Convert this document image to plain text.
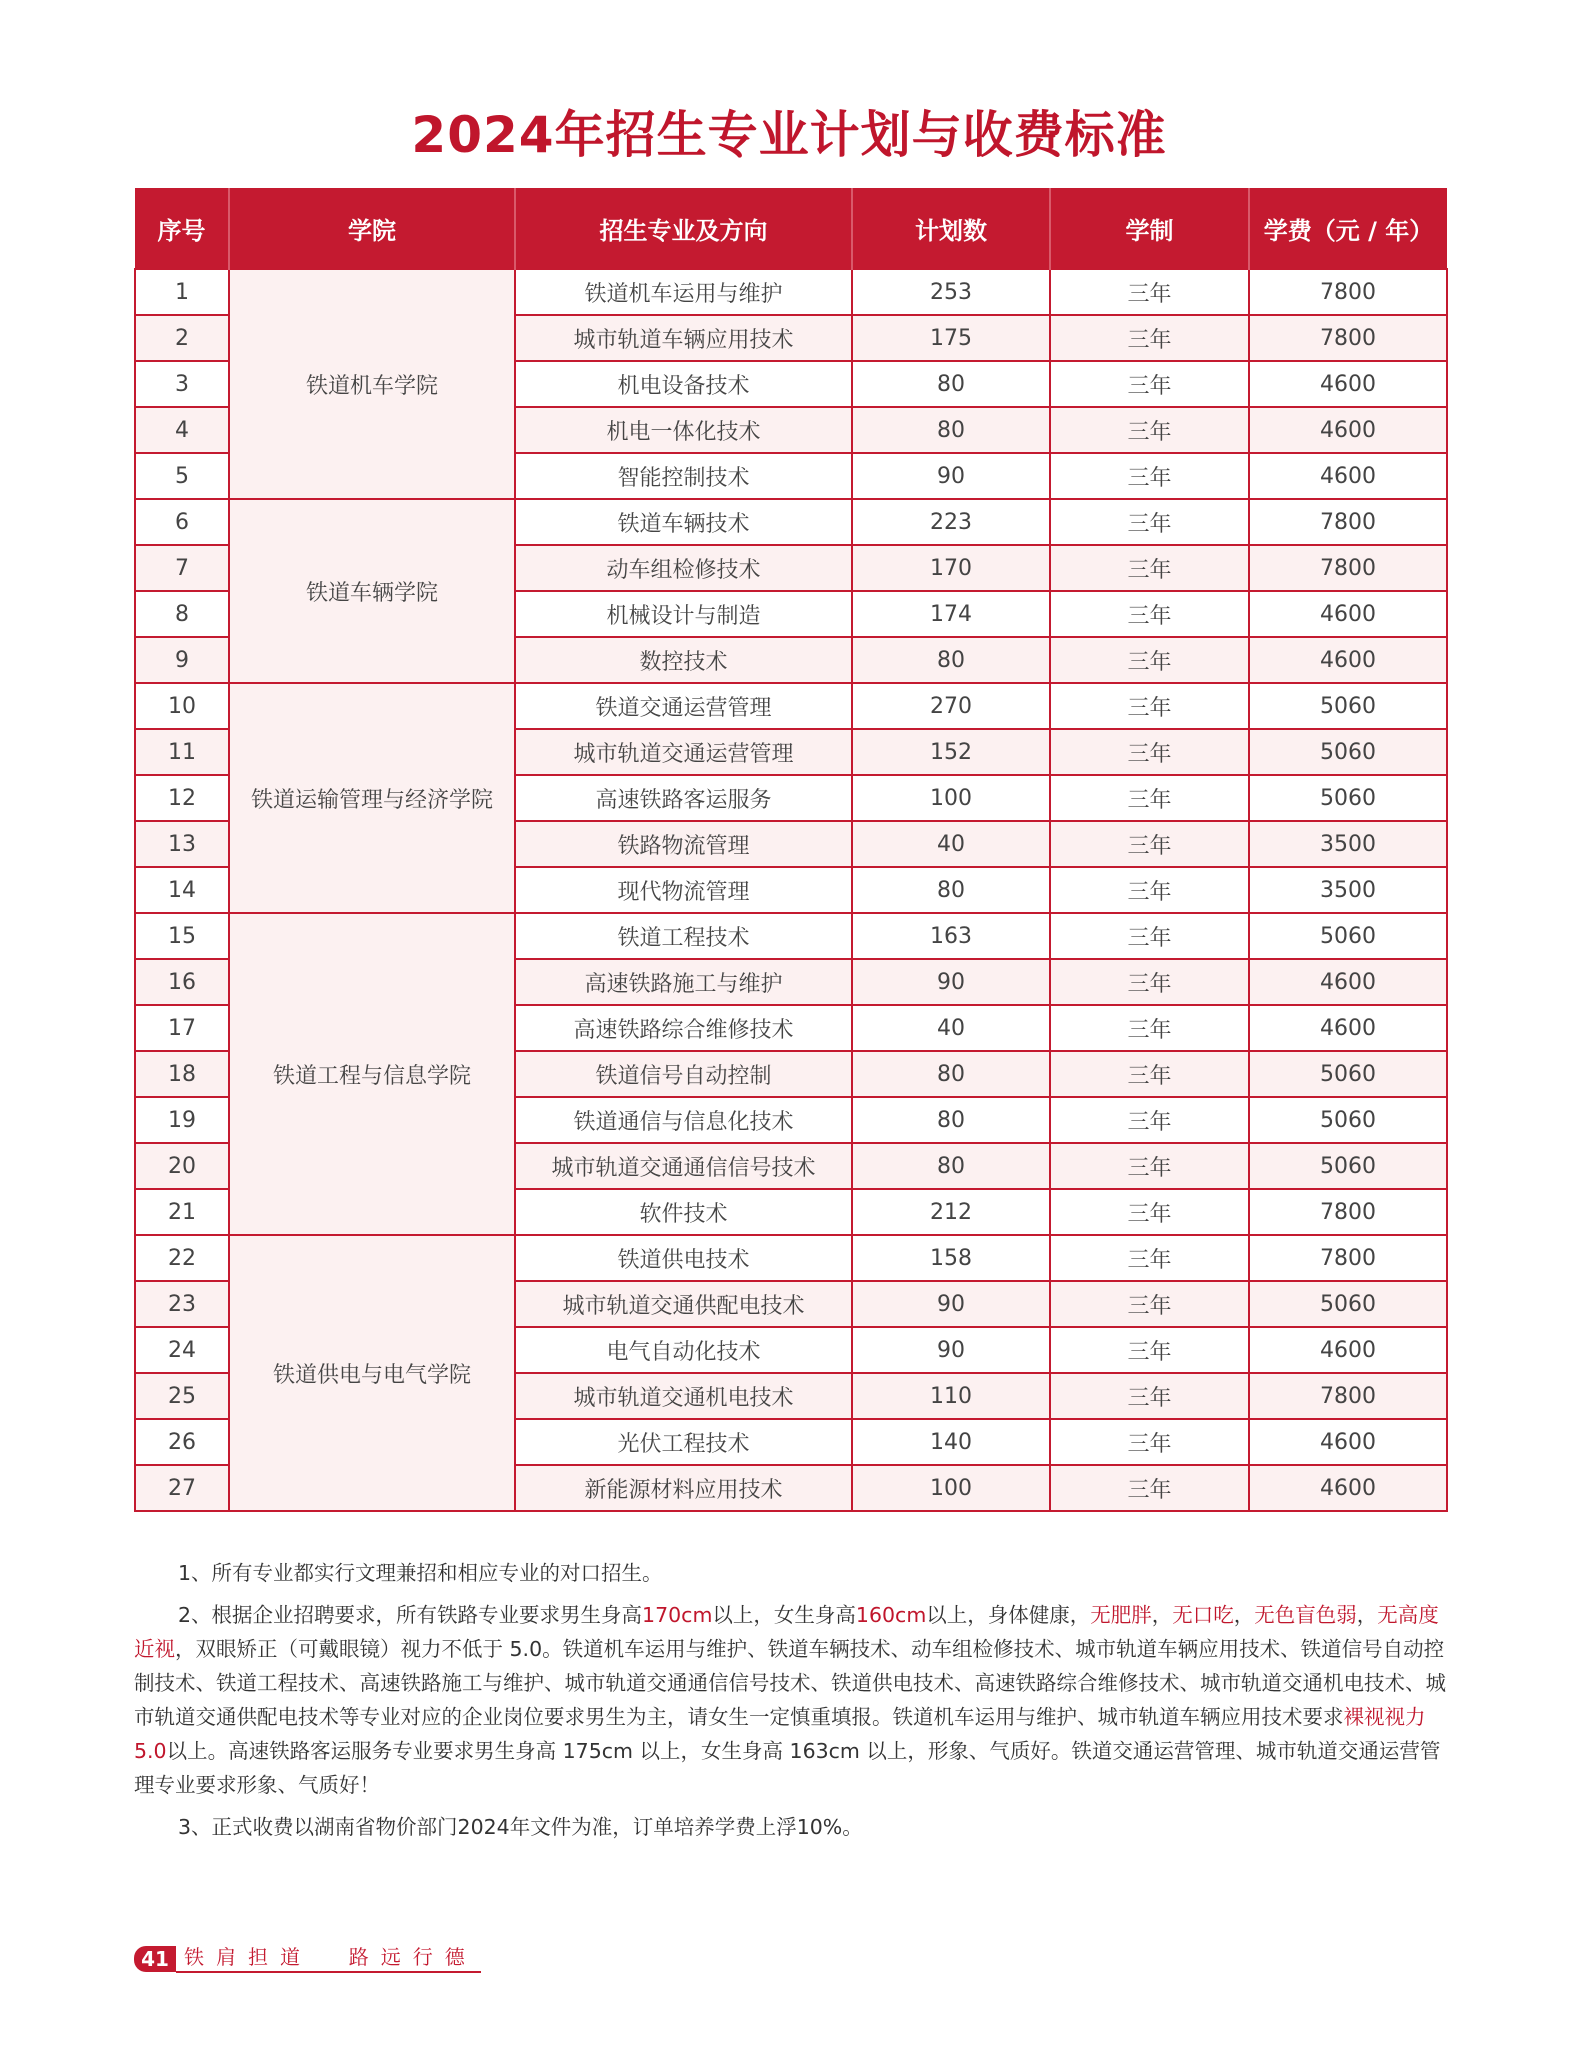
2024年招生专业计划与收费标准
序号	学院	招生专业及方向	计划数	学制	学费（元 / 年）
1	铁道机车学院	铁道机车运用与维护	253	三年	7800
2		城市轨道车辆应用技术	175	三年	7800
3		机电设备技术	80	三年	4600
4		机电一体化技术	80	三年	4600
5		智能控制技术	90	三年	4600
6	铁道车辆学院	铁道车辆技术	223	三年	7800
7		动车组检修技术	170	三年	7800
8		机械设计与制造	174	三年	4600
9		数控技术	80	三年	4600
10	铁道运输管理与经济学院	铁道交通运营管理	270	三年	5060
11		城市轨道交通运营管理	152	三年	5060
12		高速铁路客运服务	100	三年	5060
13		铁路物流管理	40	三年	3500
14		现代物流管理	80	三年	3500
15	铁道工程与信息学院	铁道工程技术	163	三年	5060
16		高速铁路施工与维护	90	三年	4600
17		高速铁路综合维修技术	40	三年	4600
18		铁道信号自动控制	80	三年	5060
19		铁道通信与信息化技术	80	三年	5060
20		城市轨道交通通信信号技术	80	三年	5060
21		软件技术	212	三年	7800
22	铁道供电与电气学院	铁道供电技术	158	三年	7800
23		城市轨道交通供配电技术	90	三年	5060
24		电气自动化技术	90	三年	4600
25		城市轨道交通机电技术	110	三年	7800
26		光伏工程技术	140	三年	4600
27		新能源材料应用技术	100	三年	4600

1、所有专业都实行文理兼招和相应专业的对口招生。

2、根据企业招聘要求，所有铁路专业要求男生身高170cm以上，女生身高160cm以上，身体健康，无肥胖，无口吃，无色盲色弱，无高度近视，双眼矫正（可戴眼镜）视力不低于 5.0。铁道机车运用与维护、铁道车辆技术、动车组检修技术、城市轨道车辆应用技术、铁道信号自动控制技术、铁道工程技术、高速铁路施工与维护、城市轨道交通通信信号技术、铁道供电技术、高速铁路综合维修技术、城市轨道交通机电技术、城市轨道交通供配电技术等专业对应的企业岗位要求男生为主，请女生一定慎重填报。铁道机车运用与维护、城市轨道车辆应用技术要求裸视视力 5.0以上。高速铁路客运服务专业要求男生身高 175cm 以上，女生身高 163cm 以上，形象、气质好。铁道交通运营管理、城市轨道交通运营管理专业要求形象、气质好！

3、正式收费以湖南省物价部门2024年文件为准，订单培养学费上浮10%。

41 铁肩担道  路远行德
